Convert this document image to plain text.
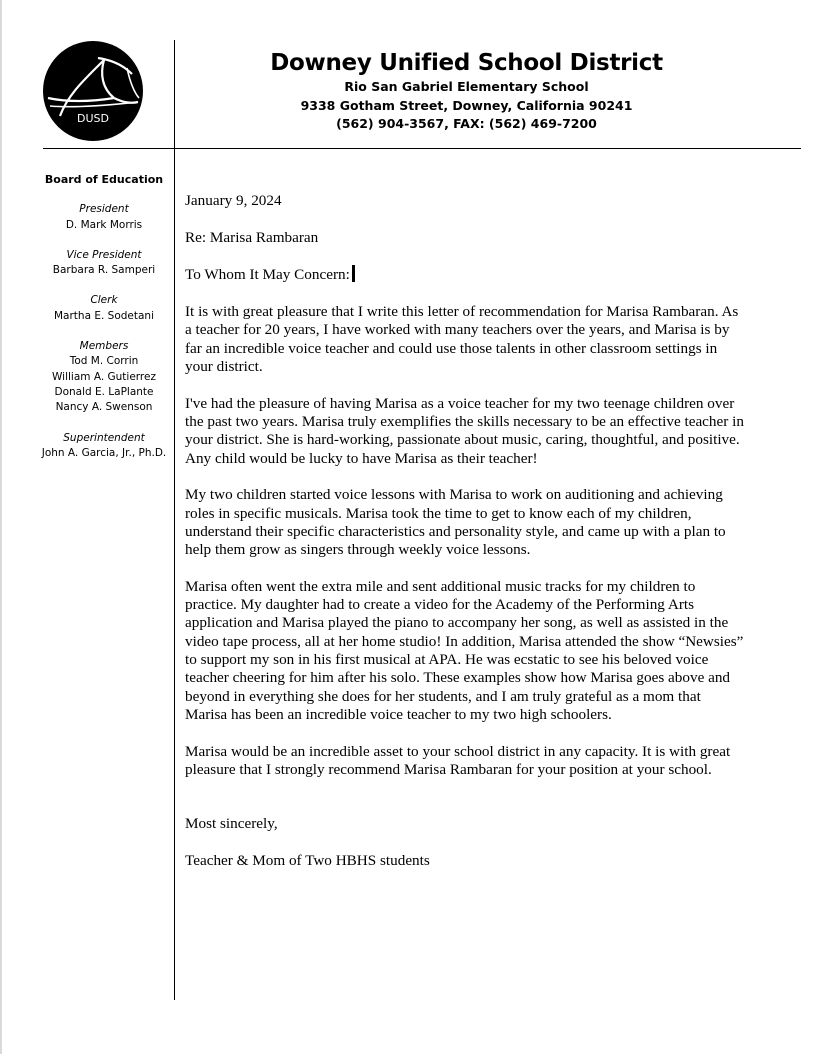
DUSD
Downey Unified School District
Rio San Gabriel Elementary School
9338 Gotham Street, Downey, California 90241
(562) 904-3567, FAX: (562) 469-7200
Board of Education
President
D. Mark Morris
Vice President
Barbara R. Samperi
Clerk
Martha E. Sodetani
Members
Tod M. Corrin
William A. Gutierrez
Donald E. LaPlante
Nancy A. Swenson
Superintendent
John A. Garcia, Jr., Ph.D.

January 9, 2024

Re: Marisa Rambaran

To Whom It May Concern:

It is with great pleasure that I write this letter of recommendation for Marisa Rambaran. As a teacher for 20 years, I have worked with many teachers over the years, and Marisa is by far an incredible voice teacher and could use those talents in other classroom settings in your district.

I've had the pleasure of having Marisa as a voice teacher for my two teenage children over the past two years. Marisa truly exemplifies the skills necessary to be an effective teacher in your district. She is hard-working, passionate about music, caring, thoughtful, and positive. Any child would be lucky to have Marisa as their teacher!

My two children started voice lessons with Marisa to work on auditioning and achieving roles in specific musicals. Marisa took the time to get to know each of my children, understand their specific characteristics and personality style, and came up with a plan to help them grow as singers through weekly voice lessons.

Marisa often went the extra mile and sent additional music tracks for my children to practice. My daughter had to create a video for the Academy of the Performing Arts application and Marisa played the piano to accompany her song, as well as assisted in the video tape process, all at her home studio! In addition, Marisa attended the show “Newsies” to support my son in his first musical at APA. He was ecstatic to see his beloved voice teacher cheering for him after his solo. These examples show how Marisa goes above and beyond in everything she does for her students, and I am truly grateful as a mom that Marisa has been an incredible voice teacher to my two high schoolers.

Marisa would be an incredible asset to your school district in any capacity. It is with great pleasure that I strongly recommend Marisa Rambaran for your position at your school.

Most sincerely,

Teacher & Mom of Two HBHS students
